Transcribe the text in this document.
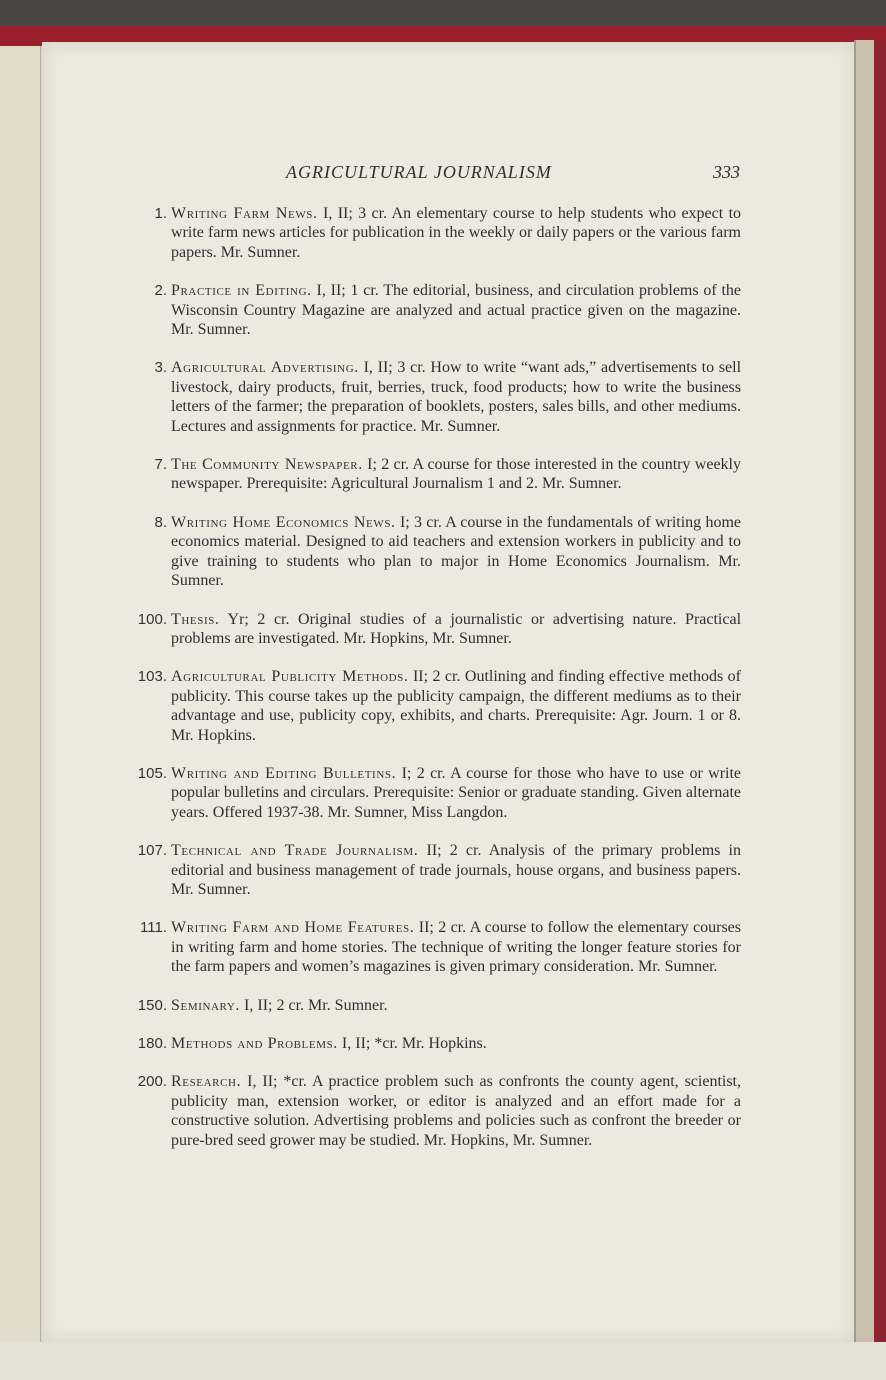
AGRICULTURAL JOURNALISM	333
1. Writing Farm News. I, II; 3 cr. An elementary course to help students who expect to write farm news articles for publication in the weekly or daily papers or the various farm papers. Mr. Sumner.
2. Practice in Editing. I, II; 1 cr. The editorial, business, and circulation problems of the Wisconsin Country Magazine are analyzed and actual practice given on the magazine. Mr. Sumner.
3. Agricultural Advertising. I, II; 3 cr. How to write “want ads,” advertisements to sell livestock, dairy products, fruit, berries, truck, food products; how to write the business letters of the farmer; the preparation of booklets, posters, sales bills, and other mediums. Lectures and assignments for practice. Mr. Sumner.
7. The Community Newspaper. I; 2 cr. A course for those interested in the country weekly newspaper. Prerequisite: Agricultural Journalism 1 and 2. Mr. Sumner.
8. Writing Home Economics News. I; 3 cr. A course in the fundamentals of writing home economics material. Designed to aid teachers and extension workers in publicity and to give training to students who plan to major in Home Economics Journalism. Mr. Sumner.
100. Thesis. Yr; 2 cr. Original studies of a journalistic or advertising nature. Practical problems are investigated. Mr. Hopkins, Mr. Sumner.
103. Agricultural Publicity Methods. II; 2 cr. Outlining and finding effective methods of publicity. This course takes up the publicity campaign, the different mediums as to their advantage and use, publicity copy, exhibits, and charts. Prerequisite: Agr. Journ. 1 or 8. Mr. Hopkins.
105. Writing and Editing Bulletins. I; 2 cr. A course for those who have to use or write popular bulletins and circulars. Prerequisite: Senior or graduate standing. Given alternate years. Offered 1937-38. Mr. Sumner, Miss Langdon.
107. Technical and Trade Journalism. II; 2 cr. Analysis of the primary problems in editorial and business management of trade journals, house organs, and business papers. Mr. Sumner.
111. Writing Farm and Home Features. II; 2 cr. A course to follow the elementary courses in writing farm and home stories. The technique of writing the longer feature stories for the farm papers and women’s magazines is given primary consideration. Mr. Sumner.
150. Seminary. I, II; 2 cr. Mr. Sumner.
180. Methods and Problems. I, II; *cr. Mr. Hopkins.
200. Research. I, II; *cr. A practice problem such as confronts the county agent, scientist, publicity man, extension worker, or editor is analyzed and an effort made for a constructive solution. Advertising problems and policies such as confront the breeder or pure-bred seed grower may be studied. Mr. Hopkins, Mr. Sumner.
